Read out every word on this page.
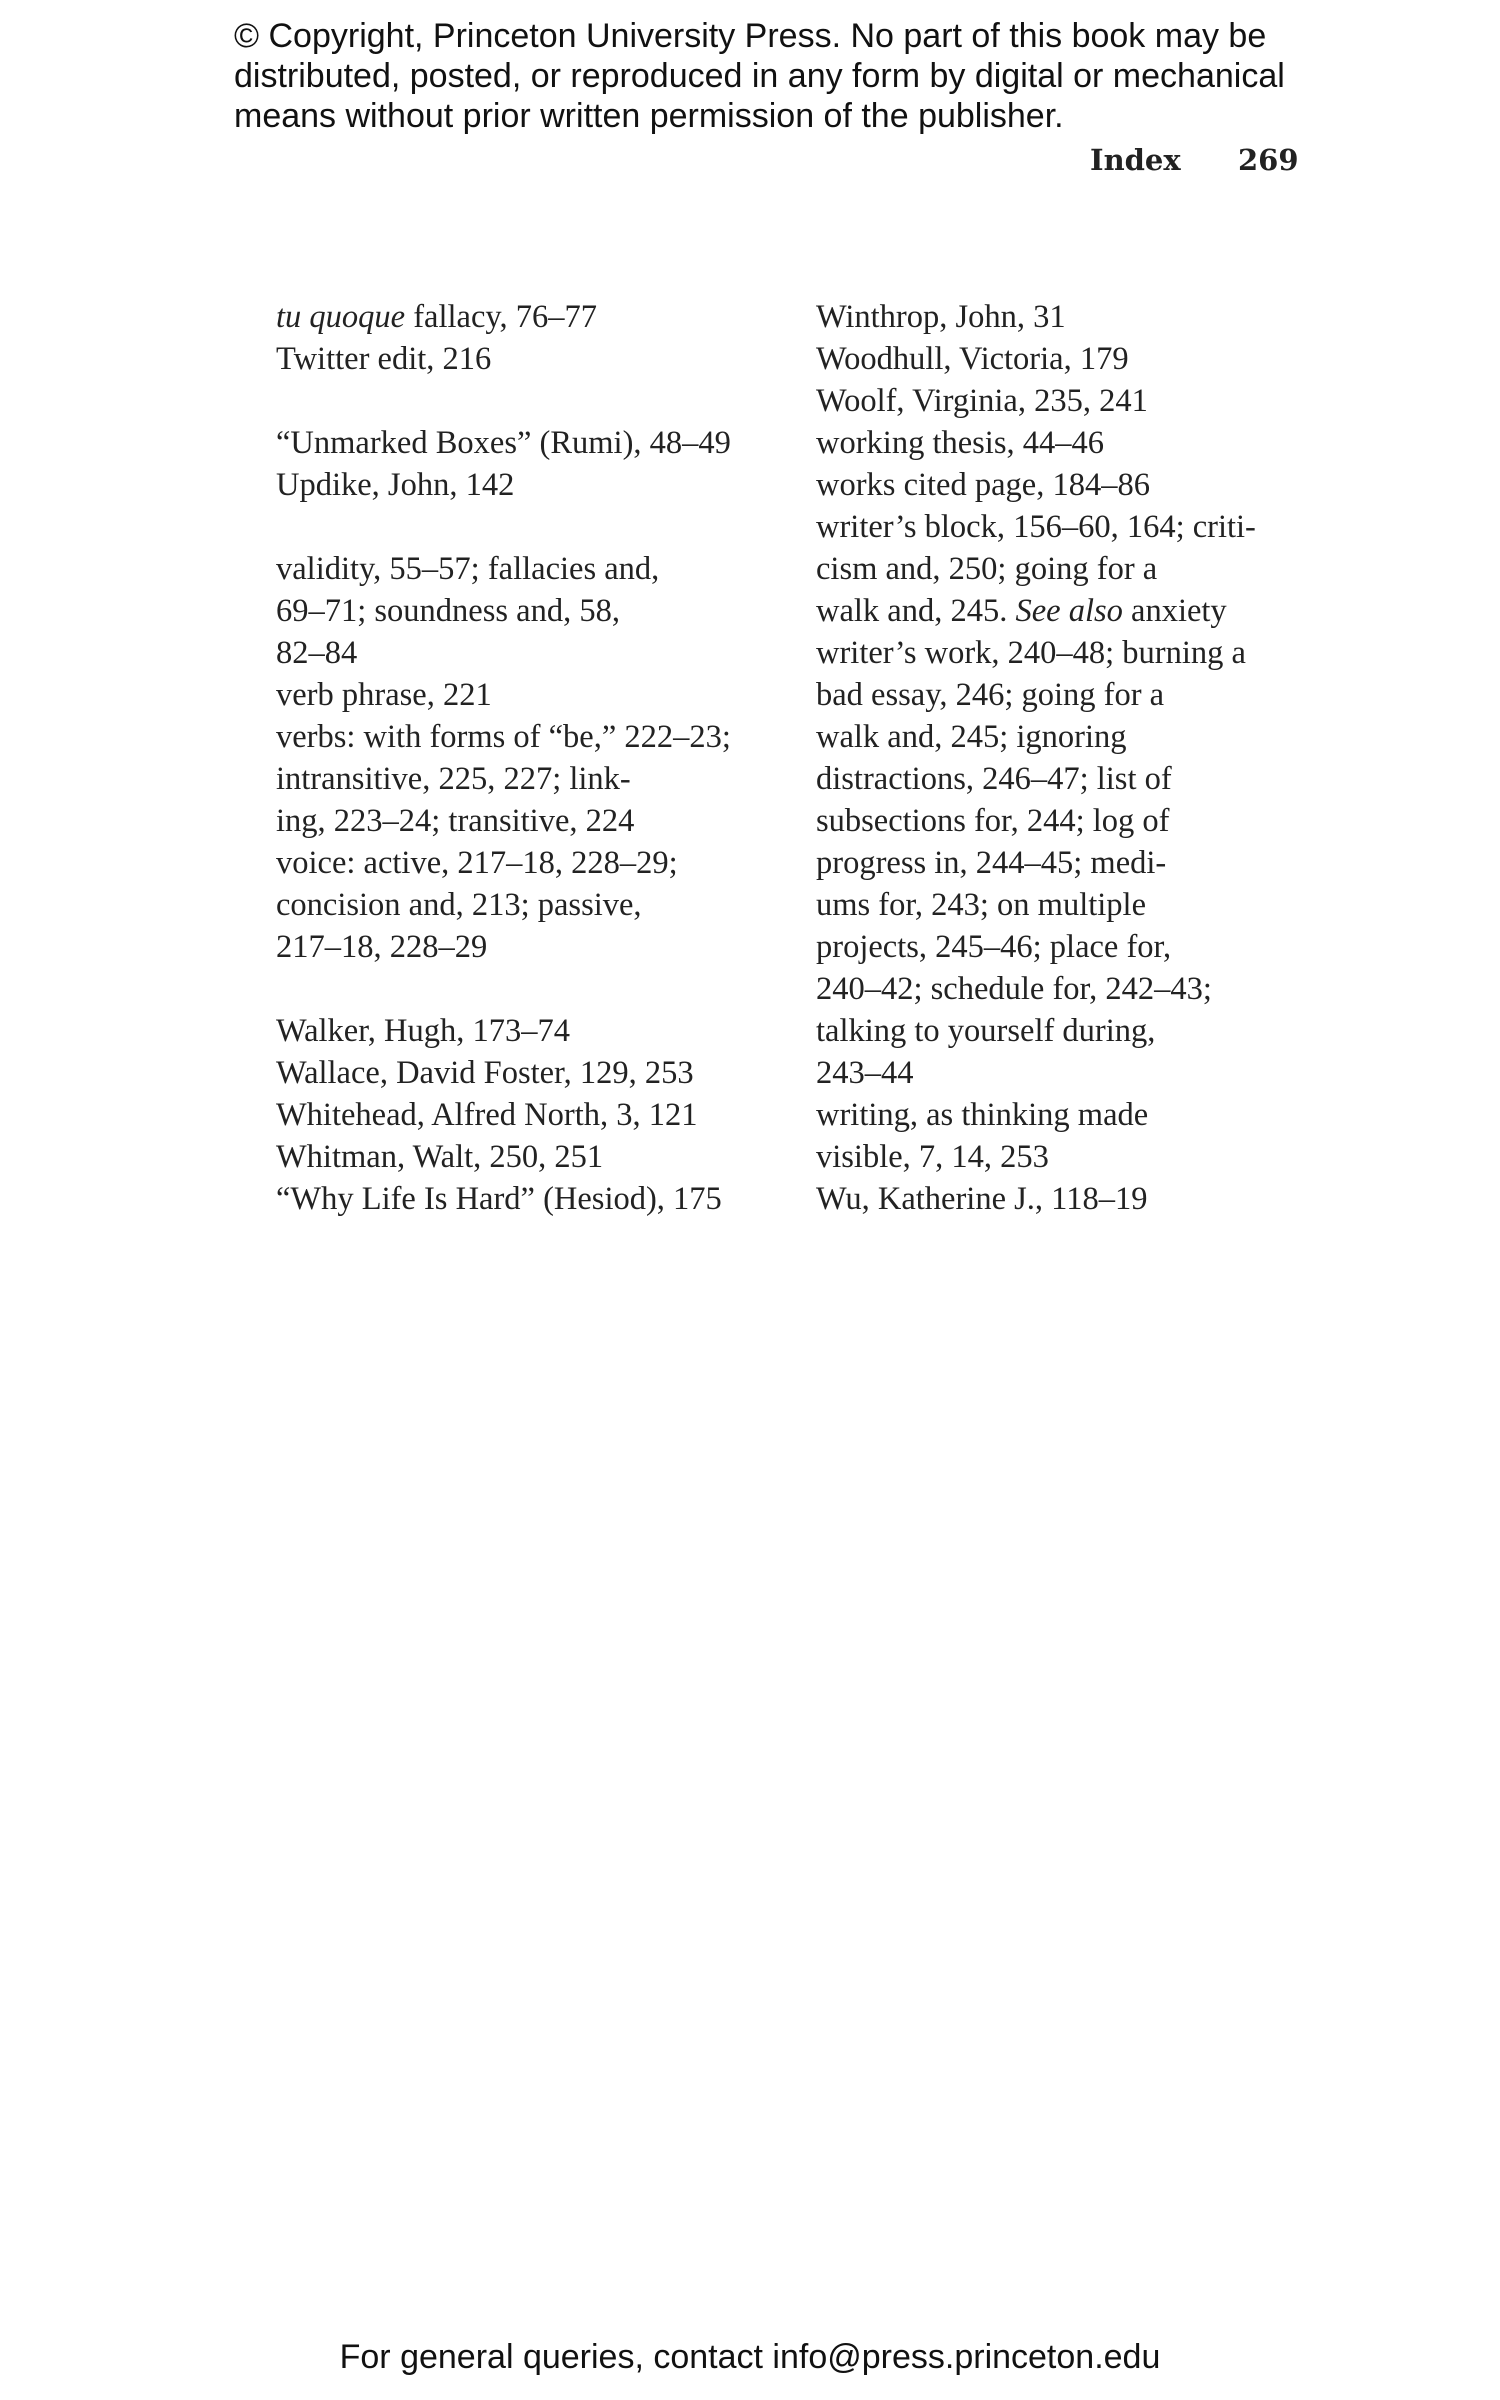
© Copyright, Princeton University Press. No part of this book may be
distributed, posted, or reproduced in any form by digital or mechanical
means without prior written permission of the publisher.
Index 269
tu quoque fallacy, 76–77
Twitter edit, 216
“Unmarked Boxes” (Rumi), 48–49
Updike, John, 142
validity, 55–57; fallacies and,
69–71; soundness and, 58,
82–84
verb phrase, 221
verbs: with forms of “be,” 222–23;
intransitive, 225, 227; link-
ing, 223–24; transitive, 224
voice: active, 217–18, 228–29;
concision and, 213; passive,
217–18, 228–29
Walker, Hugh, 173–74
Wallace, David Foster, 129, 253
Whitehead, Alfred North, 3, 121
Whitman, Walt, 250, 251
“Why Life Is Hard” (Hesiod), 175
Winthrop, John, 31
Woodhull, Victoria, 179
Woolf, Virginia, 235, 241
working thesis, 44–46
works cited page, 184–86
writer’s block, 156–60, 164; criti-
cism and, 250; going for a
walk and, 245. See also anxiety
writer’s work, 240–48; burning a
bad essay, 246; going for a
walk and, 245; ignoring
distractions, 246–47; list of
subsections for, 244; log of
progress in, 244–45; medi-
ums for, 243; on multiple
projects, 245–46; place for,
240–42; schedule for, 242–43;
talking to yourself during,
243–44
writing, as thinking made
visible, 7, 14, 253
Wu, Katherine J., 118–19
For general queries, contact info@press.princeton.edu
